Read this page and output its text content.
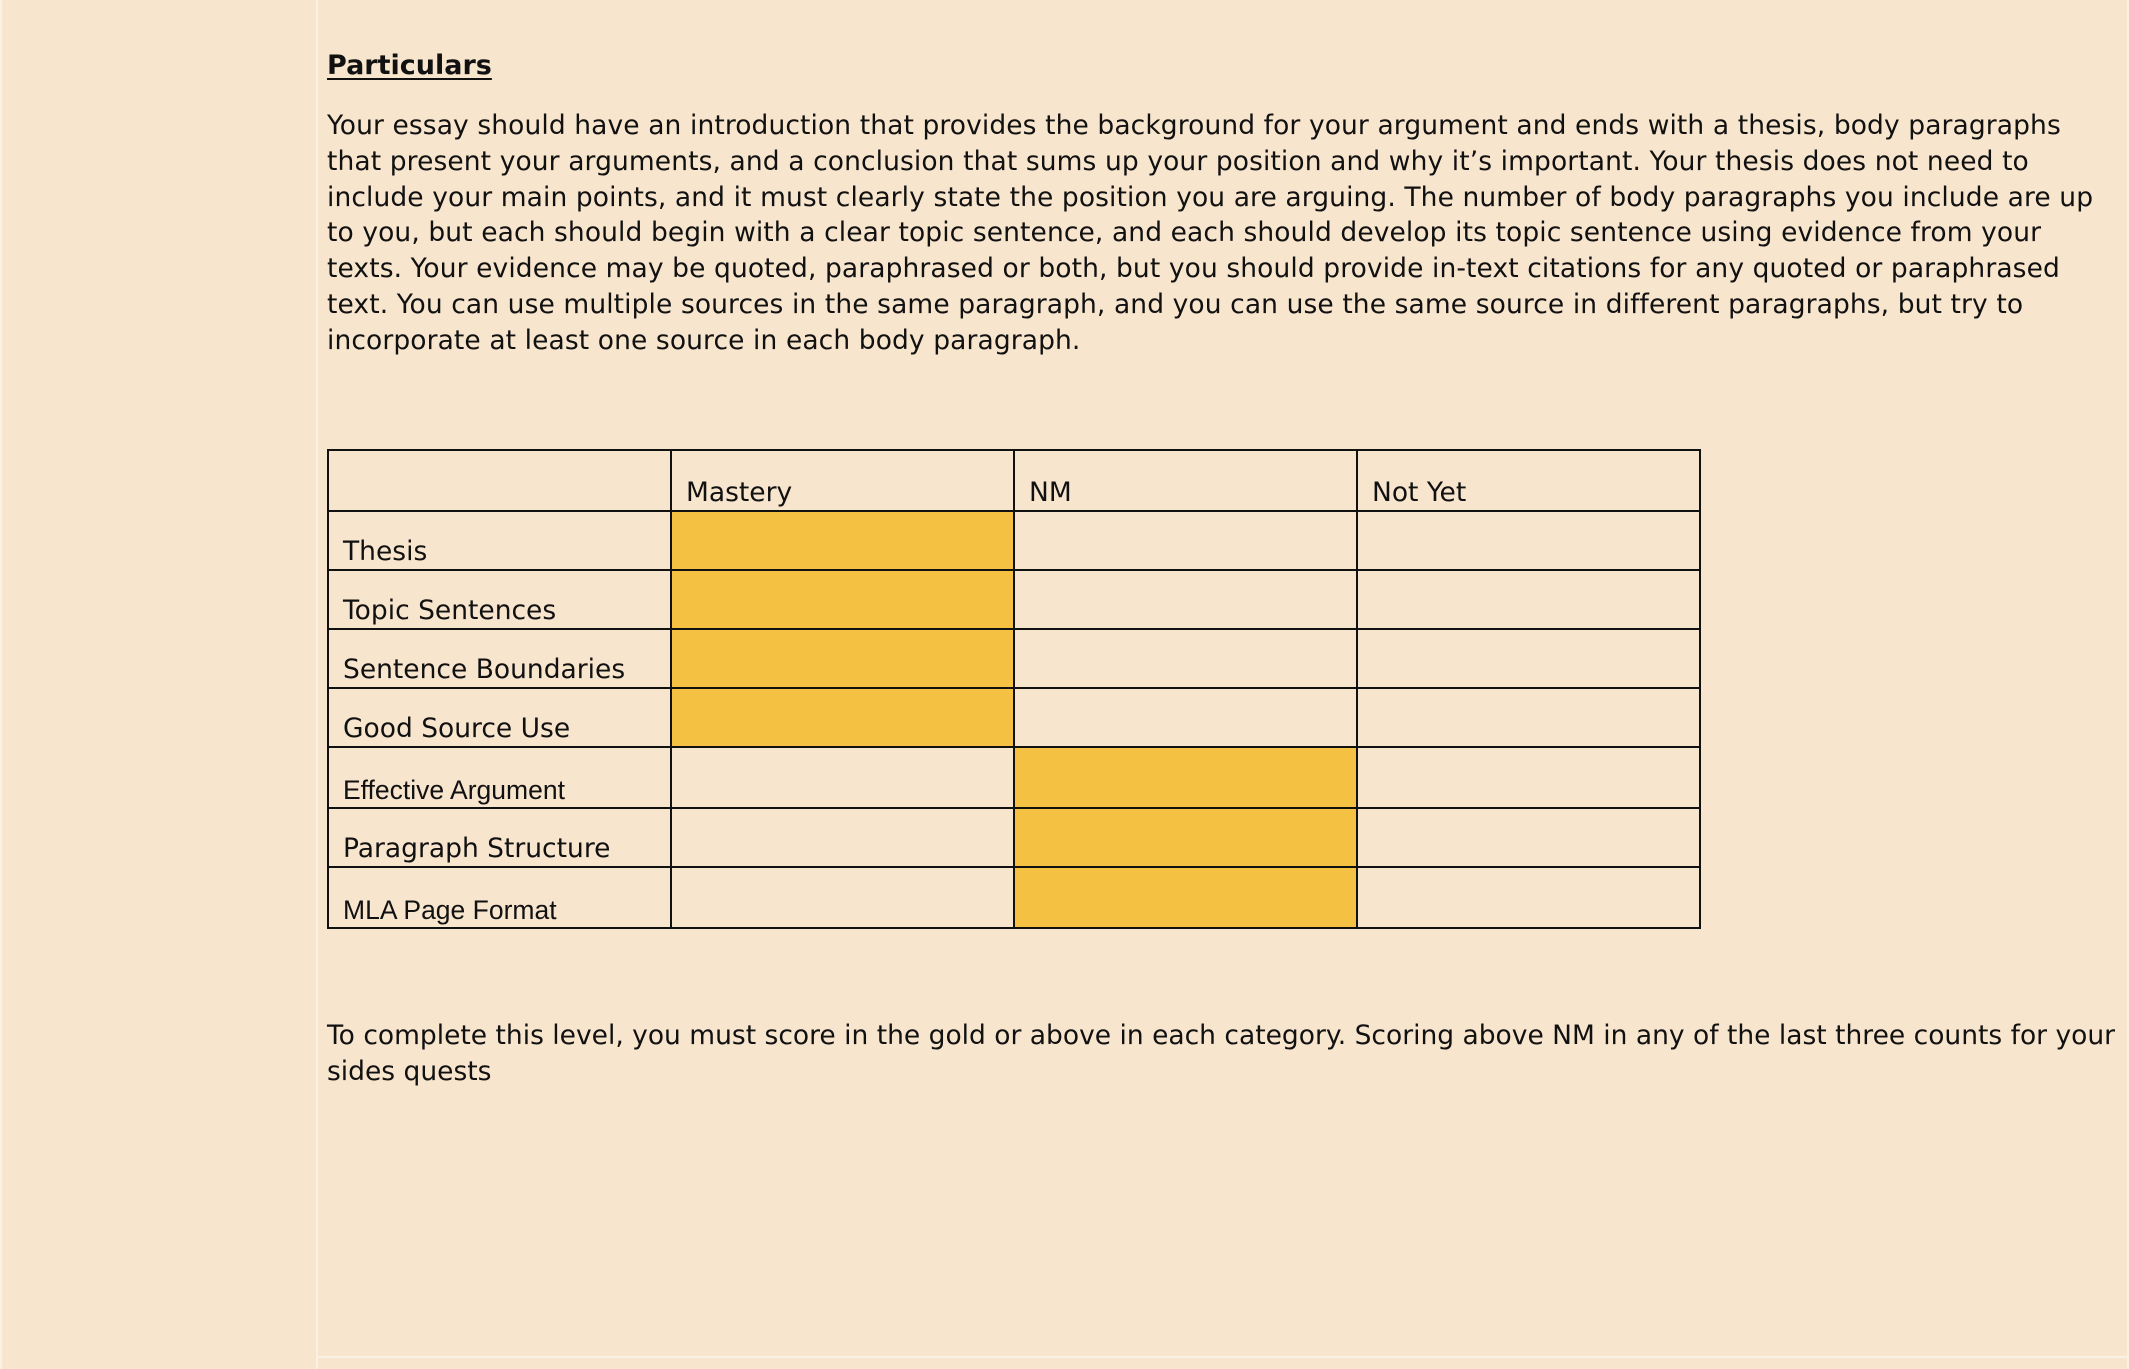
Particulars

Your essay should have an introduction that provides the background for your argument and ends with a thesis, body paragraphs that present your arguments, and a conclusion that sums up your position and why it’s important. Your thesis does not need to include your main points, and it must clearly state the position you are arguing. The number of body paragraphs you include are up to you, but each should begin with a clear topic sentence, and each should develop its topic sentence using evidence from your texts. Your evidence may be quoted, paraphrased or both, but you should provide in-text citations for any quoted or paraphrased text. You can use multiple sources in the same paragraph, and you can use the same source in different paragraphs, but try to incorporate at least one source in each body paragraph.

	Mastery	NM	Not Yet
Thesis			
Topic Sentences			
Sentence Boundaries			
Good Source Use			
Effective Argument			
Paragraph Structure			
MLA Page Format			

To complete this level, you must score in the gold or above in each category. Scoring above NM in any of the last three counts for your sides quests
